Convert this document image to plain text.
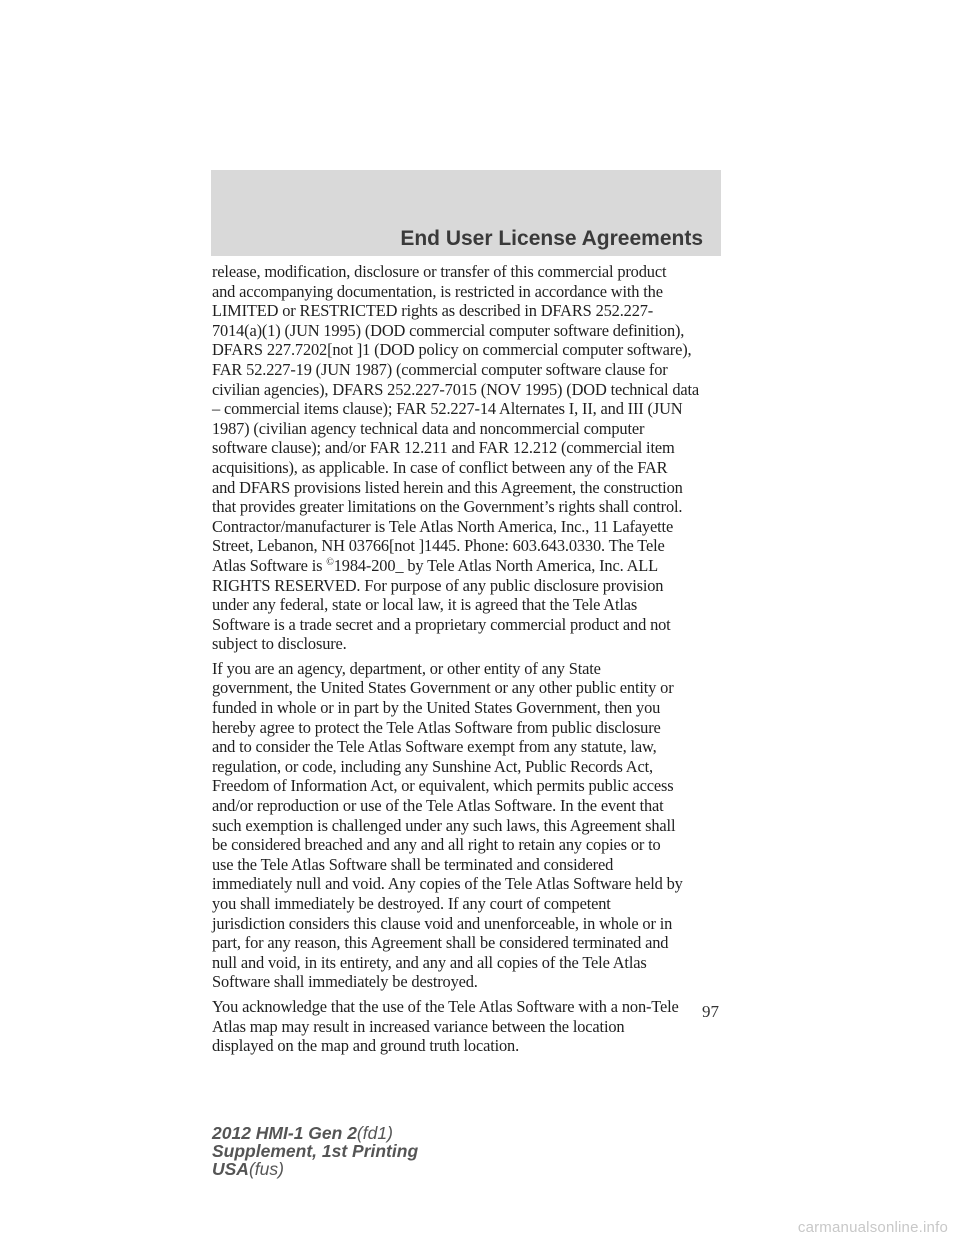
End User License Agreements
release, modification, disclosure or transfer of this commercial product
and accompanying documentation, is restricted in accordance with the
LIMITED or RESTRICTED rights as described in DFARS 252.227-
7014(a)(1) (JUN 1995) (DOD commercial computer software definition),
DFARS 227.7202[not ]1 (DOD policy on commercial computer software),
FAR 52.227-19 (JUN 1987) (commercial computer software clause for
civilian agencies), DFARS 252.227-7015 (NOV 1995) (DOD technical data
– commercial items clause); FAR 52.227-14 Alternates I, II, and III (JUN
1987) (civilian agency technical data and noncommercial computer
software clause); and/or FAR 12.211 and FAR 12.212 (commercial item
acquisitions), as applicable. In case of conflict between any of the FAR
and DFARS provisions listed herein and this Agreement, the construction
that provides greater limitations on the Government’s rights shall control.
Contractor/manufacturer is Tele Atlas North America, Inc., 11 Lafayette
Street, Lebanon, NH 03766[not ]1445. Phone: 603.643.0330. The Tele
Atlas Software is ©1984-200_ by Tele Atlas North America, Inc. ALL
RIGHTS RESERVED. For purpose of any public disclosure provision
under any federal, state or local law, it is agreed that the Tele Atlas
Software is a trade secret and a proprietary commercial product and not
subject to disclosure.
If you are an agency, department, or other entity of any State
government, the United States Government or any other public entity or
funded in whole or in part by the United States Government, then you
hereby agree to protect the Tele Atlas Software from public disclosure
and to consider the Tele Atlas Software exempt from any statute, law,
regulation, or code, including any Sunshine Act, Public Records Act,
Freedom of Information Act, or equivalent, which permits public access
and/or reproduction or use of the Tele Atlas Software. In the event that
such exemption is challenged under any such laws, this Agreement shall
be considered breached and any and all right to retain any copies or to
use the Tele Atlas Software shall be terminated and considered
immediately null and void. Any copies of the Tele Atlas Software held by
you shall immediately be destroyed. If any court of competent
jurisdiction considers this clause void and unenforceable, in whole or in
part, for any reason, this Agreement shall be considered terminated and
null and void, in its entirety, and any and all copies of the Tele Atlas
Software shall immediately be destroyed.
You acknowledge that the use of the Tele Atlas Software with a non-Tele
Atlas map may result in increased variance between the location
displayed on the map and ground truth location.
97
2012 HMI-1 Gen 2(fd1)
Supplement, 1st Printing
USA(fus)
carmanualsonline.info
